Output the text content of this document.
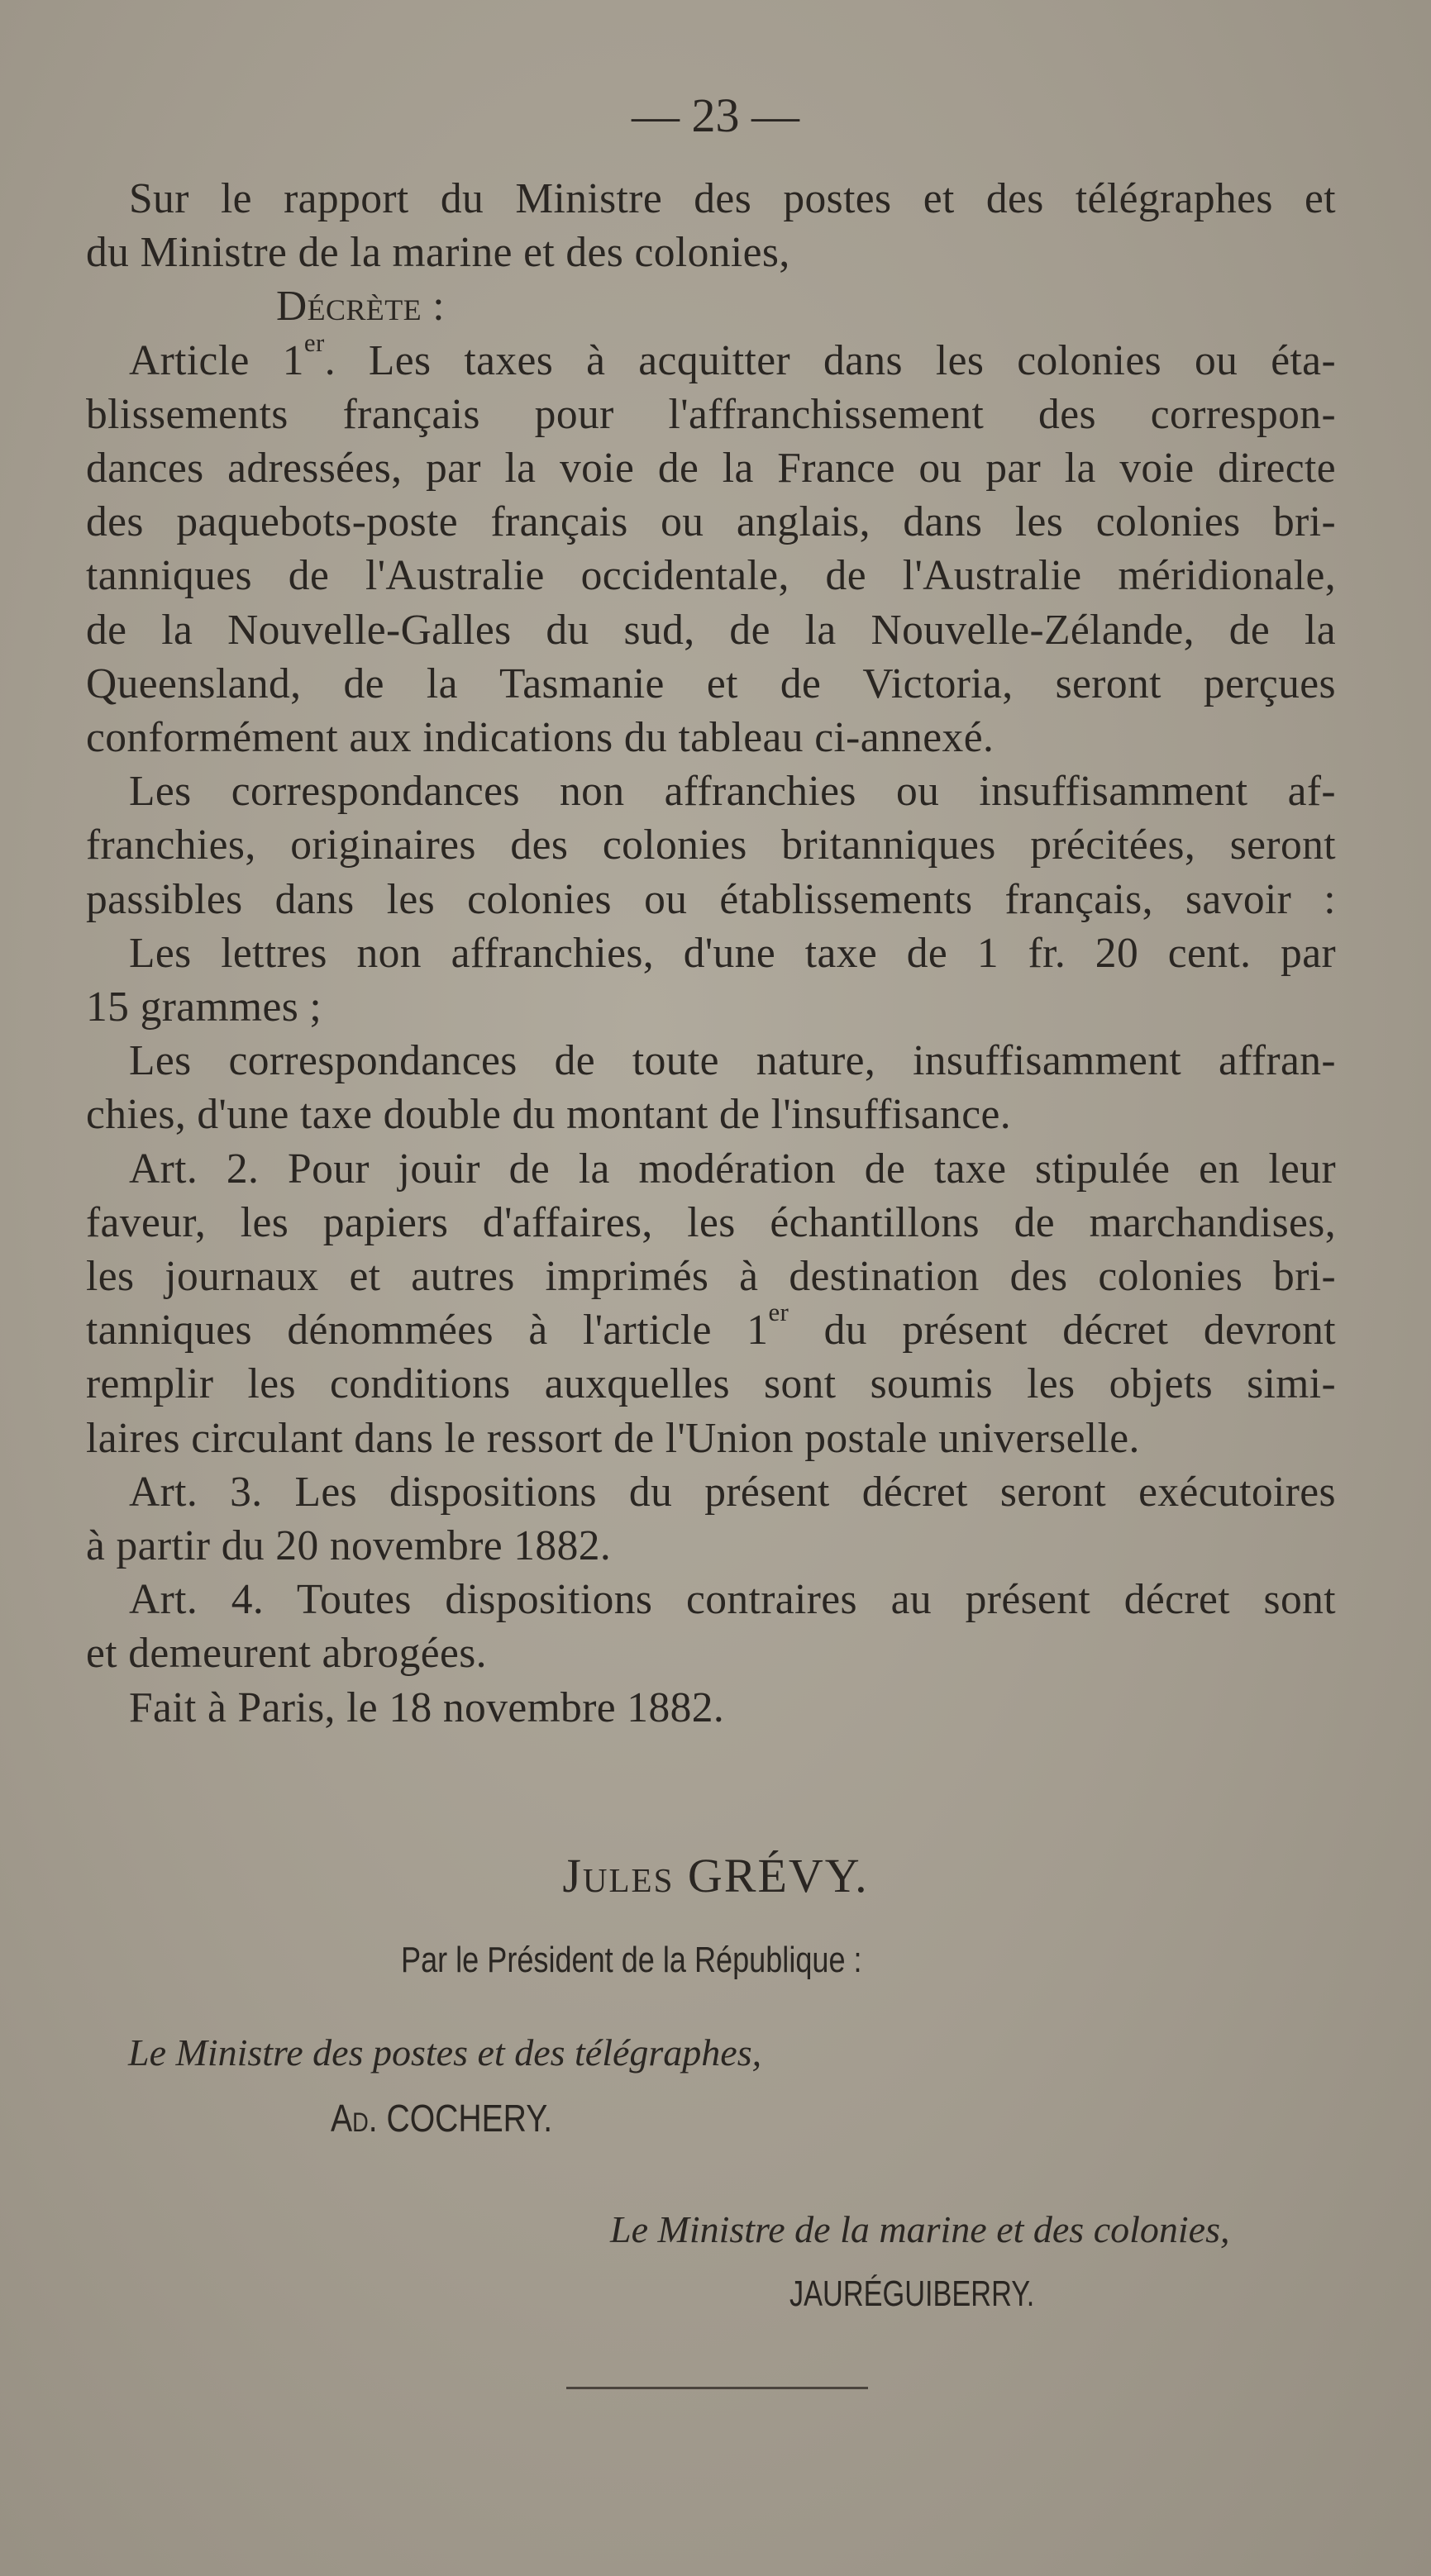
— 23 —

Sur le rapport du Ministre des postes et des télégraphes et
du Ministre de la marine et des colonies,

Décrète :

Article 1er. Les taxes à acquitter dans les colonies ou éta-
blissements français pour l'affranchissement des correspon-
dances adressées, par la voie de la France ou par la voie directe
des paquebots-poste français ou anglais, dans les colonies bri-
tanniques de l'Australie occidentale, de l'Australie méridionale,
de la Nouvelle-Galles du sud, de la Nouvelle-Zélande, de la
Queensland, de la Tasmanie et de Victoria, seront perçues
conformément aux indications du tableau ci-annexé.

Les correspondances non affranchies ou insuffisamment af-
franchies, originaires des colonies britanniques précitées, seront
passibles dans les colonies ou établissements français, savoir :

Les lettres non affranchies, d'une taxe de 1 fr. 20 cent. par
15 grammes ;

Les correspondances de toute nature, insuffisamment affran-
chies, d'une taxe double du montant de l'insuffisance.

Art. 2. Pour jouir de la modération de taxe stipulée en leur
faveur, les papiers d'affaires, les échantillons de marchandises,
les journaux et autres imprimés à destination des colonies bri-
tanniques dénommées à l'article 1er du présent décret devront
remplir les conditions auxquelles sont soumis les objets simi-
laires circulant dans le ressort de l'Union postale universelle.

Art. 3. Les dispositions du présent décret seront exécutoires
à partir du 20 novembre 1882.

Art. 4. Toutes dispositions contraires au présent décret sont
et demeurent abrogées.

Fait à Paris, le 18 novembre 1882.

Jules GRÉVY.
Par le Président de la République :
Le Ministre des postes et des télégraphes,
Ad. COCHERY.
Le Ministre de la marine et des colonies,
JAURÉGUIBERRY.
